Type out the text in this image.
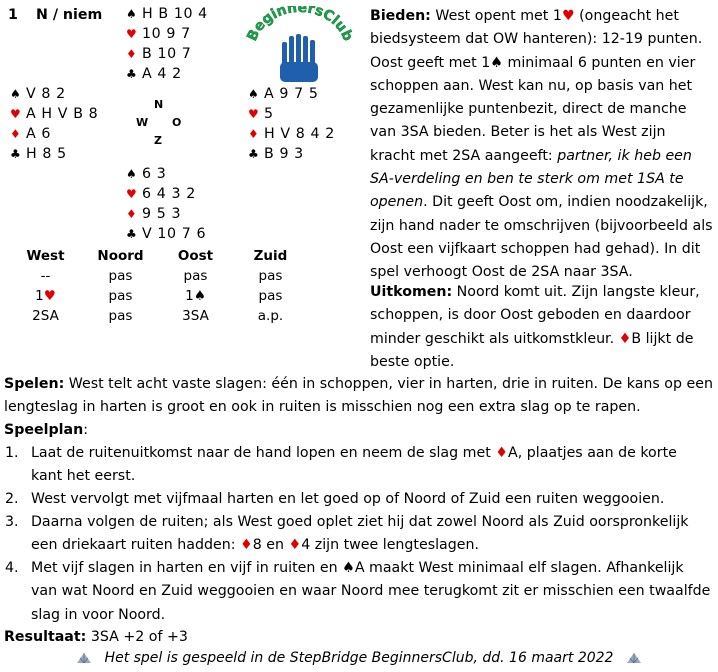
1 N / niem ♠ H B 10 4
♥ 10 9 7
♦ B 10 7
♣ A 4 2
♠ V 8 2
♥ A H V B 8
♦ A 6
♣ H 8 5
N
W O
Z
♠ A 9 7 5
♥ 5
♦ H V 8 4 2
♣ B 9 3
♠ 6 3
♥ 6 4 3 2
♦ 9 5 3
♣ V 10 7 6
BeginnersClub
West	Noord	Oost	Zuid
--	pas	pas	pas
1♥	pas	1♠	pas
2SA	pas	3SA	a.p.
Bieden: West opent met 1♥ (ongeacht het biedsysteem dat OW hanteren): 12-19 punten. Oost geeft met 1♠ minimaal 6 punten en vier schoppen aan. West kan nu, op basis van het gezamenlijke puntenbezit, direct de manche van 3SA bieden. Beter is het als West zijn kracht met 2SA aangeeft: partner, ik heb een SA-verdeling en ben te sterk om met 1SA te openen. Dit geeft Oost om, indien noodzakelijk, zijn hand nader te omschrijven (bijvoorbeeld als Oost een vijfkaart schoppen had gehad). In dit spel verhoogt Oost de 2SA naar 3SA.
Uitkomen: Noord komt uit. Zijn langste kleur, schoppen, is door Oost geboden en daardoor minder geschikt als uitkomstkleur. ♦B lijkt de beste optie.
Spelen: West telt acht vaste slagen: één in schoppen, vier in harten, drie in ruiten. De kans op een lengteslag in harten is groot en ook in ruiten is misschien nog een extra slag op te rapen.
Speelplan:
1. Laat de ruitenuitkomst naar de hand lopen en neem de slag met ♦A, plaatjes aan de korte kant het eerst.
2. West vervolgt met vijfmaal harten en let goed op of Noord of Zuid een ruiten weggooien.
3. Daarna volgen de ruiten; als West goed oplet ziet hij dat zowel Noord als Zuid oorspronkelijk een driekaart ruiten hadden: ♦8 en ♦4 zijn twee lengteslagen.
4. Met vijf slagen in harten en vijf in ruiten en ♠A maakt West minimaal elf slagen. Afhankelijk van wat Noord en Zuid weggooien en waar Noord mee terugkomt zit er misschien een twaalfde slag in voor Noord.
Resultaat: 3SA +2 of +3
Het spel is gespeeld in de StepBridge BeginnersClub, dd. 16 maart 2022
